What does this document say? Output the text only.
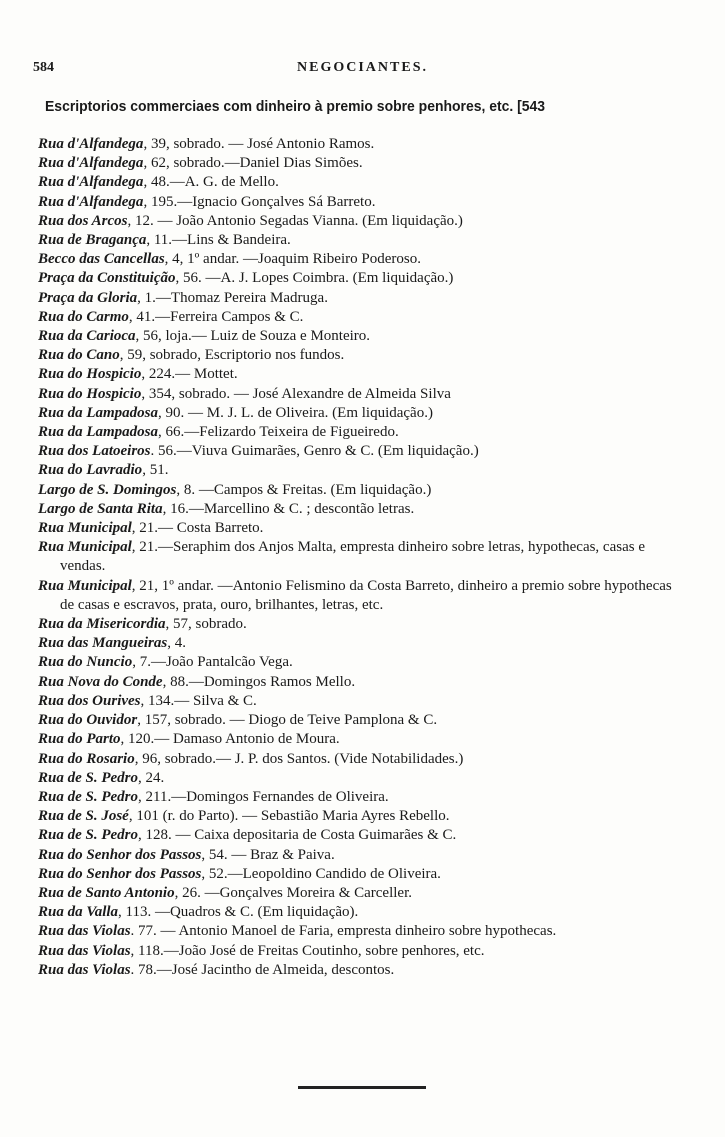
584	NEGOCIANTES.
Escriptorios commerciaes com dinheiro à premio sobre penhores, etc. [543
Rua d'Alfandega, 39, sobrado. — José Antonio Ramos.
Rua d'Alfandega, 62, sobrado.—Daniel Dias Simões.
Rua d'Alfandega, 48.—A. G. de Mello.
Rua d'Alfandega, 195.—Ignacio Gonçalves Sá Barreto.
Rua dos Arcos, 12. — João Antonio Segadas Vianna. (Em liquidação.)
Rua de Bragança, 11.—Lins & Bandeira.
Becco das Cancellas, 4, 1º andar. —Joaquim Ribeiro Poderoso.
Praça da Constituição, 56. —A. J. Lopes Coimbra. (Em liquidação.)
Praça da Gloria, 1.—Thomaz Pereira Madruga.
Rua do Carmo, 41.—Ferreira Campos & C.
Rua da Carioca, 56, loja.— Luiz de Souza e Monteiro.
Rua do Cano, 59, sobrado, Escriptorio nos fundos.
Rua do Hospicio, 224.— Mottet.
Rua do Hospicio, 354, sobrado. — José Alexandre de Almeida Silva
Rua da Lampadosa, 90. — M. J. L. de Oliveira. (Em liquidação.)
Rua da Lampadosa, 66.—Felizardo Teixeira de Figueiredo.
Rua dos Latoeiros. 56.—Viuva Guimarães, Genro & C. (Em liquidação.)
Rua do Lavradio, 51.
Largo de S. Domingos, 8. —Campos & Freitas. (Em liquidação.)
Largo de Santa Rita, 16.—Marcellino & C. ; descontão letras.
Rua Municipal, 21.— Costa Barreto.
Rua Municipal, 21.—Seraphim dos Anjos Malta, empresta dinheiro sobre letras, hypothecas, casas e vendas.
Rua Municipal, 21, 1º andar. —Antonio Felismino da Costa Barreto, dinheiro a premio sobre hypothecas de casas e escravos, prata, ouro, brilhantes, letras, etc.
Rua da Misericordia, 57, sobrado.
Rua das Mangueiras, 4.
Rua do Nuncio, 7.—João Pantalcão Vega.
Rua Nova do Conde, 88.—Domingos Ramos Mello.
Rua dos Ourives, 134.— Silva & C.
Rua do Ouvidor, 157, sobrado. — Diogo de Teive Pamplona & C.
Rua do Parto, 120.— Damaso Antonio de Moura.
Rua do Rosario, 96, sobrado.— J. P. dos Santos. (Vide Notabilidades.)
Rua de S. Pedro, 24.
Rua de S. Pedro, 211.—Domingos Fernandes de Oliveira.
Rua de S. José, 101 (r. do Parto). — Sebastião Maria Ayres Rebello.
Rua de S. Pedro, 128. — Caixa depositaria de Costa Guimarães & C.
Rua do Senhor dos Passos, 54. — Braz & Paiva.
Rua do Senhor dos Passos, 52.—Leopoldino Candido de Oliveira.
Rua de Santo Antonio, 26. —Gonçalves Moreira & Carceller.
Rua da Valla, 113. —Quadros & C. (Em liquidação).
Rua das Violas. 77. — Antonio Manoel de Faria, empresta dinheiro sobre hypothecas.
Rua das Violas, 118.—João José de Freitas Coutinho, sobre penhores, etc.
Rua das Violas. 78.—José Jacintho de Almeida, descontos.
